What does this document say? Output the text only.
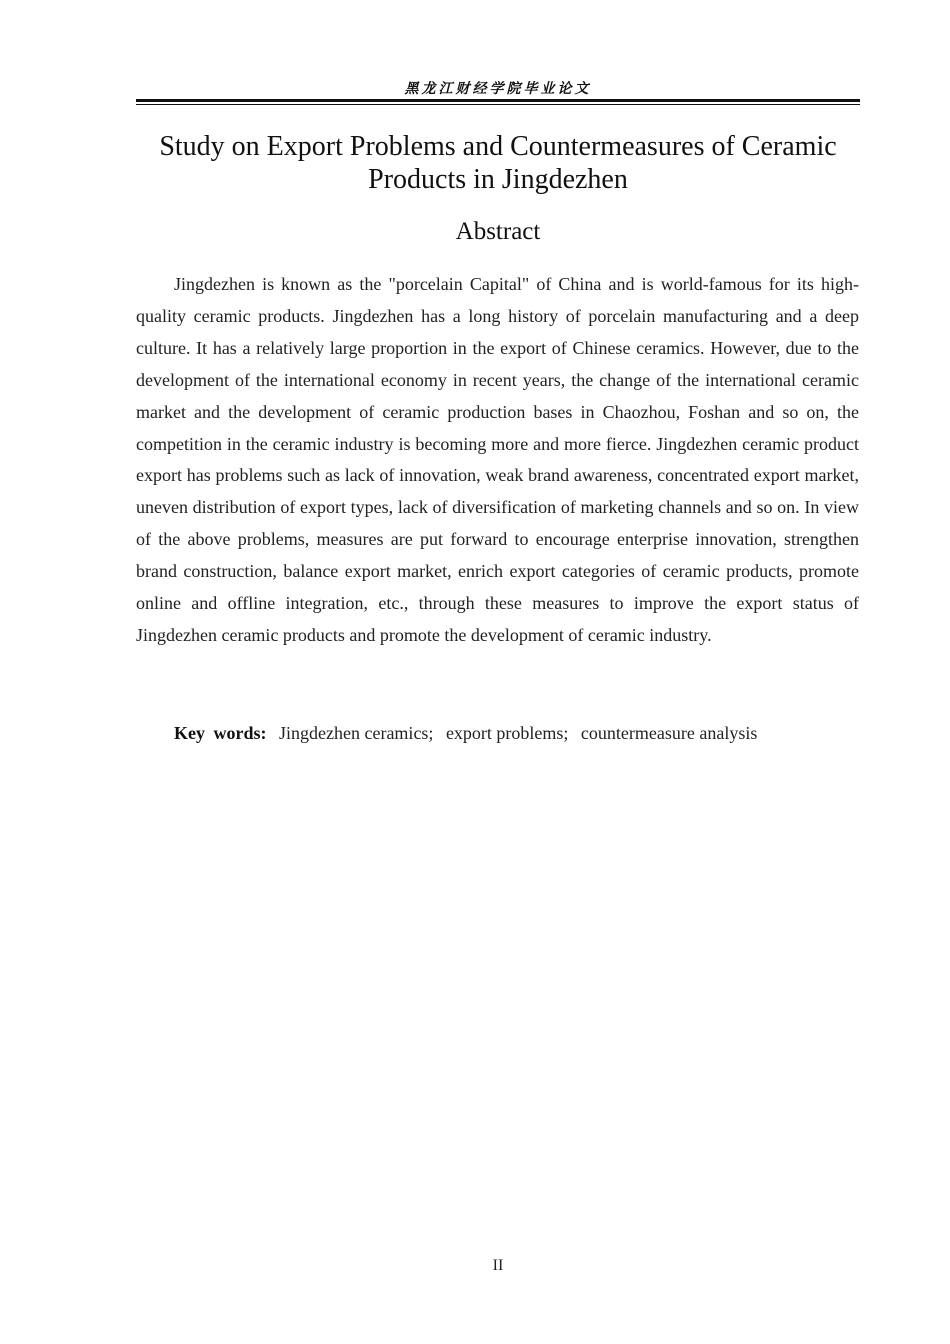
黑龙江财经学院毕业论文
Study on Export Problems and Countermeasures of Ceramic Products in Jingdezhen
Abstract

Jingdezhen is known as the "porcelain Capital" of China and is world-famous for its high-quality ceramic products. Jingdezhen has a long history of porcelain manufacturing and a deep culture. It has a relatively large proportion in the export of Chinese ceramics. However, due to the development of the international economy in recent years, the change of the international ceramic market and the development of ceramic production bases in Chaozhou, Foshan and so on, the competition in the ceramic industry is becoming more and more fierce. Jingdezhen ceramic product export has problems such as lack of innovation, weak brand awareness, concentrated export market, uneven distribution of export types, lack of diversification of marketing channels and so on. In view of the above problems, measures are put forward to encourage enterprise innovation, strengthen brand construction, balance export market, enrich export categories of ceramic products, promote online and offline integration, etc., through these measures to improve the export status of Jingdezhen ceramic products and promote the development of ceramic industry.

Key words: Jingdezhen ceramics; export problems; countermeasure analysis
II
